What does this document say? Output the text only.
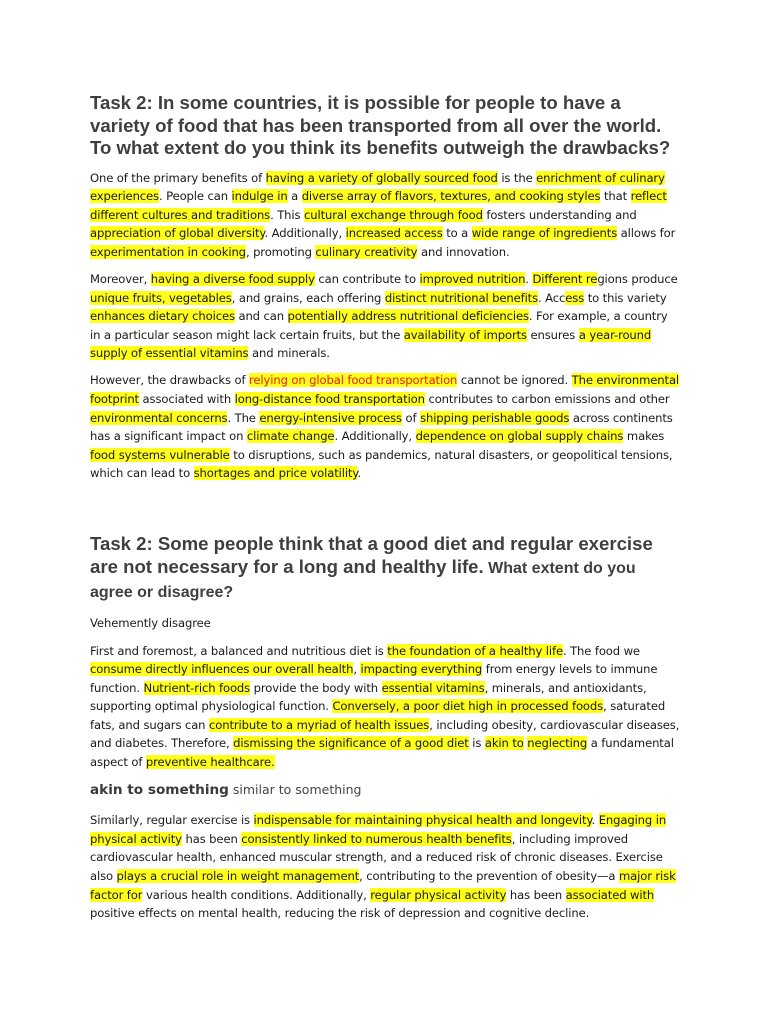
Task 2: In some countries, it is possible for people to have a variety of food that has been transported from all over the world. To what extent do you think its benefits outweigh the drawbacks?

One of the primary benefits of having a variety of globally sourced food is the enrichment of culinary experiences. People can indulge in a diverse array of flavors, textures, and cooking styles that reflect different cultures and traditions. This cultural exchange through food fosters understanding and appreciation of global diversity. Additionally, increased access to a wide range of ingredients allows for experimentation in cooking, promoting culinary creativity and innovation.

Moreover, having a diverse food supply can contribute to improved nutrition. Different regions produce unique fruits, vegetables, and grains, each offering distinct nutritional benefits. Access to this variety enhances dietary choices and can potentially address nutritional deficiencies. For example, a country in a particular season might lack certain fruits, but the availability of imports ensures a year-round supply of essential vitamins and minerals.

However, the drawbacks of relying on global food transportation cannot be ignored. The environmental footprint associated with long-distance food transportation contributes to carbon emissions and other environmental concerns. The energy-intensive process of shipping perishable goods across continents has a significant impact on climate change. Additionally, dependence on global supply chains makes food systems vulnerable to disruptions, such as pandemics, natural disasters, or geopolitical tensions, which can lead to shortages and price volatility.

Task 2: Some people think that a good diet and regular exercise are not necessary for a long and healthy life. What extent do you agree or disagree?

Vehemently disagree

First and foremost, a balanced and nutritious diet is the foundation of a healthy life. The food we consume directly influences our overall health, impacting everything from energy levels to immune function. Nutrient-rich foods provide the body with essential vitamins, minerals, and antioxidants, supporting optimal physiological function. Conversely, a poor diet high in processed foods, saturated fats, and sugars can contribute to a myriad of health issues, including obesity, cardiovascular diseases, and diabetes. Therefore, dismissing the significance of a good diet is akin to neglecting a fundamental aspect of preventive healthcare.

akin to something similar to something

Similarly, regular exercise is indispensable for maintaining physical health and longevity. Engaging in physical activity has been consistently linked to numerous health benefits, including improved cardiovascular health, enhanced muscular strength, and a reduced risk of chronic diseases. Exercise also plays a crucial role in weight management, contributing to the prevention of obesity—a major risk factor for various health conditions. Additionally, regular physical activity has been associated with positive effects on mental health, reducing the risk of depression and cognitive decline.
